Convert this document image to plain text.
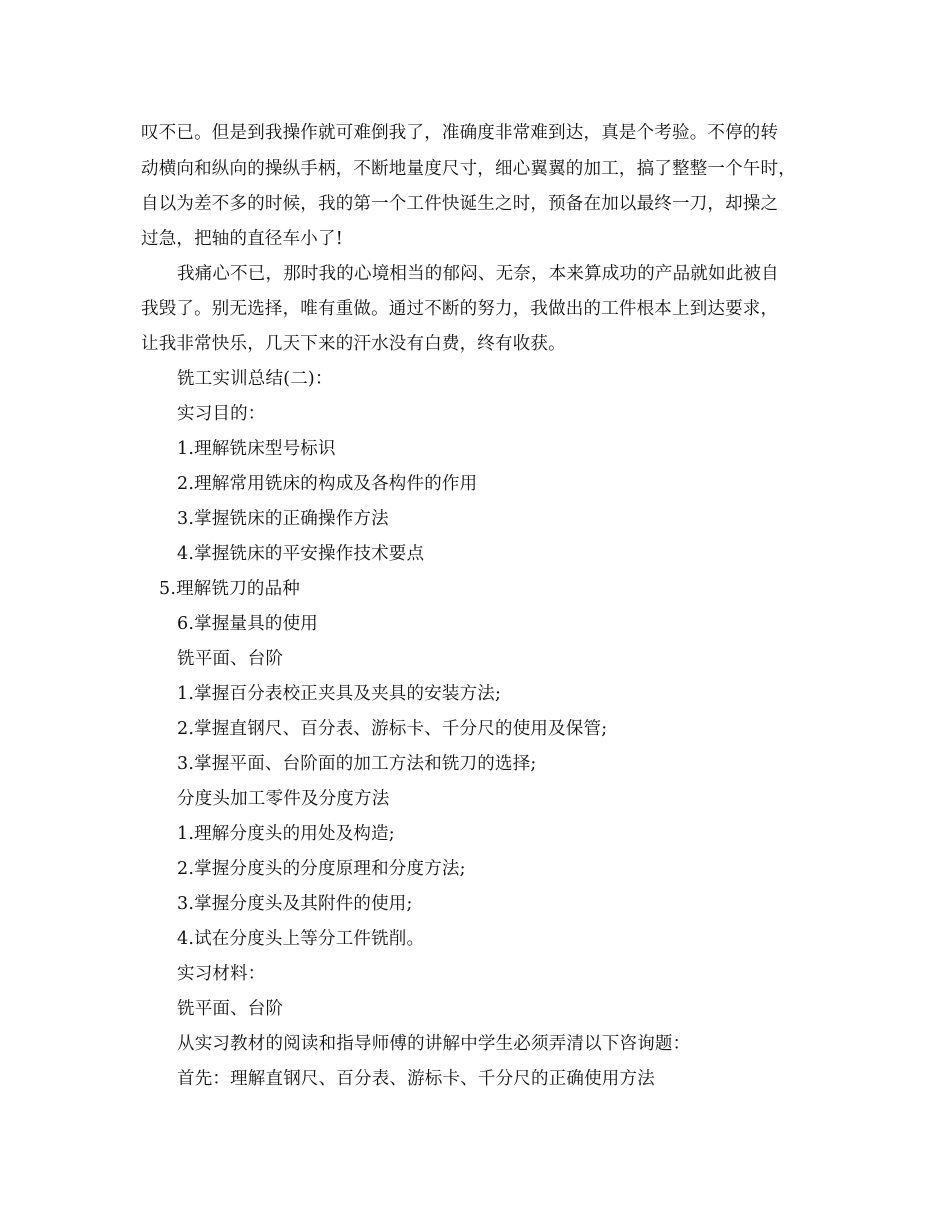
叹不已。但是到我操作就可难倒我了，准确度非常难到达，真是个考验。不停的转
动横向和纵向的操纵手柄，不断地量度尺寸，细心翼翼的加工，搞了整整一个午时，
自以为差不多的时候，我的第一个工件快诞生之时，预备在加以最终一刀，却操之
过急，把轴的直径车小了!
我痛心不已，那时我的心境相当的郁闷、无奈，本来算成功的产品就如此被自
我毁了。别无选择，唯有重做。通过不断的努力，我做出的工件根本上到达要求，
让我非常快乐，几天下来的汗水没有白费，终有收获。
铣工实训总结(二)：
实习目的：
1.理解铣床型号标识
2.理解常用铣床的构成及各构件的作用
3.掌握铣床的正确操作方法
4.掌握铣床的平安操作技术要点
5.理解铣刀的品种
6.掌握量具的使用
铣平面、台阶
1.掌握百分表校正夹具及夹具的安装方法;
2.掌握直钢尺、百分表、游标卡、千分尺的使用及保管;
3.掌握平面、台阶面的加工方法和铣刀的选择;
分度头加工零件及分度方法
1.理解分度头的用处及构造;
2.掌握分度头的分度原理和分度方法;
3.掌握分度头及其附件的使用;
4.试在分度头上等分工件铣削。
实习材料：
铣平面、台阶
从实习教材的阅读和指导师傅的讲解中学生必须弄清以下咨询题：
首先：理解直钢尺、百分表、游标卡、千分尺的正确使用方法
